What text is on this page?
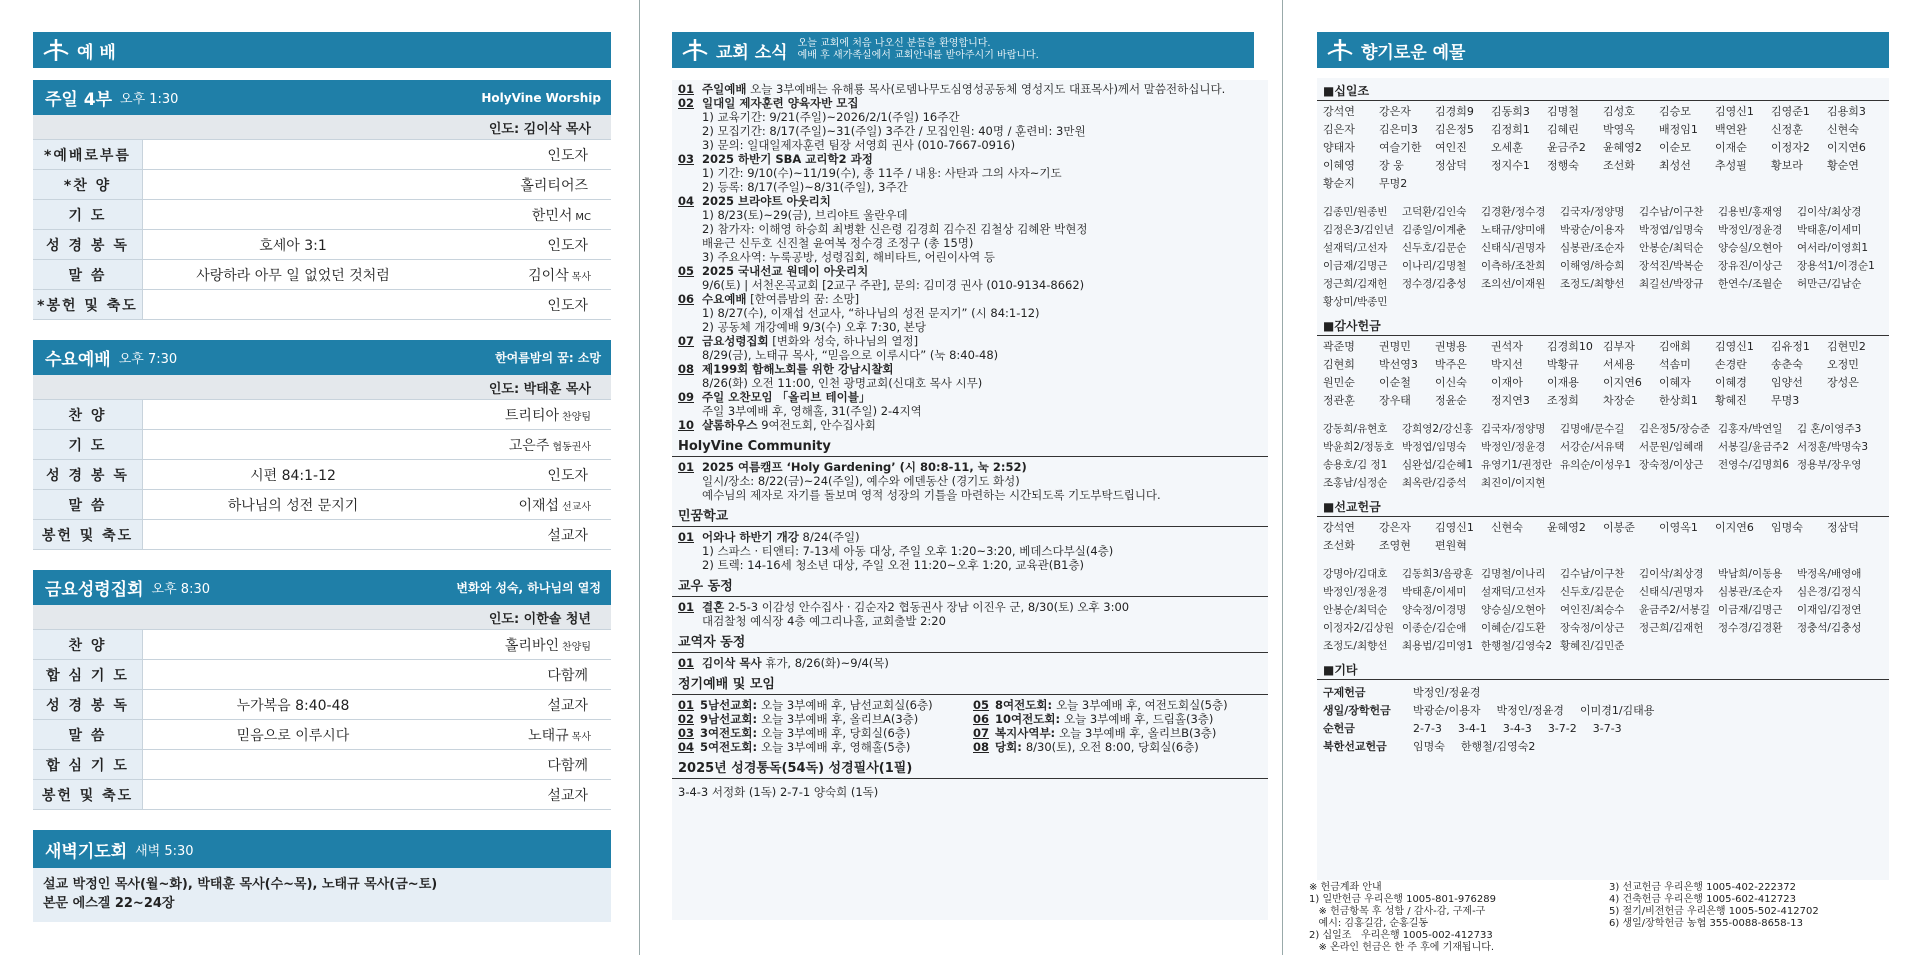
예 배
주일 4부 오후 1:30	HolyVine Worship
인도: 김이삭 목사
*예배로부름	인도자
*찬 양	홀리티어즈
기 도	한민서 MC
성 경 봉 독	호세아 3:1	인도자
말 씀	사랑하라 아무 일 없었던 것처럼	김이삭 목사
*봉헌 및 축도	인도자
수요예배 오후 7:30	한여름밤의 꿈: 소망
인도: 박태훈 목사
찬 양	트리티아 찬양팀
기 도	고은주 협동권사
성 경 봉 독	시편 84:1-12	인도자
말 씀	하나님의 성전 문지기	이재섭 선교사
봉헌 및 축도	설교자
금요성령집회 오후 8:30	변화와 성숙, 하나님의 열정
인도: 이한솔 청년
찬 양	홀리바인 찬양팀
합 심 기 도	다함께
성 경 봉 독	누가복음 8:40-48	설교자
말 씀	믿음으로 이루시다	노태규 목사
합 심 기 도	다함께
봉헌 및 축도	설교자
새벽기도회 새벽 5:30
설교 박정인 목사(월~화), 박태훈 목사(수~목), 노태규 목사(금~토)
본문 에스겔 22~24장
교회 소식 오늘 교회에 처음 나오신 분들을 환영합니다.
예배 후 새가족실에서 교회안내를 받아주시기 바랍니다.
01 주일예배 오늘 3부예배는 유해룡 목사(로뎀나무도심영성공동체 영성지도 대표목사)께서 말씀전하십니다.
02 일대일 제자훈련 양육자반 모집
1) 교육기간: 9/21(주일)~2026/2/1(주일) 16주간
2) 모집기간: 8/17(주일)~31(주일) 3주간 / 모집인원: 40명 / 훈련비: 3만원
3) 문의: 일대일제자훈련 팀장 서영희 권사 (010-7667-0916)
03 2025 하반기 SBA 교리학2 과정
1) 기간: 9/10(수)~11/19(수), 총 11주 / 내용: 사탄과 그의 사자~기도
2) 등록: 8/17(주일)~8/31(주일), 3주간
04 2025 브라야트 아웃리치
1) 8/23(토)~29(금), 브리야트 울란우데
2) 참가자: 이해영 하승희 최병환 신은령 김경희 김수진 김철상 김혜완 박현정
배윤근 신두호 신진철 윤여복 정수경 조정구 (총 15명)
3) 주요사역: 누룩공방, 성령집회, 해비타트, 어린이사역 등
05 2025 국내선교 원데이 아웃리치
9/6(토) | 서천온곡교회 [2교구 주관], 문의: 김미경 권사 (010-9134-8662)
06 수요예배 [한여름밤의 꿈: 소망]
1) 8/27(수), 이재섭 선교사, “하나님의 성전 문지기” (시 84:1-12)
2) 공동체 개강예배 9/3(수) 오후 7:30, 본당
07 금요성령집회 [변화와 성숙, 하나님의 열정]
8/29(금), 노태규 목사, “믿음으로 이루시다” (눅 8:40-48)
08 제199회 함해노회를 위한 강남시찰회
8/26(화) 오전 11:00, 인천 광명교회(신대호 목사 시무)
09 주일 오찬모임 「올리브 테이블」
주일 3부예배 후, 영해홀, 31(주일) 2-4지역
10 샬롬하우스 9여전도회, 안수집사회
HolyVine Community
01 2025 여름캠프 ‘Holy Gardening’ (시 80:8-11, 눅 2:52)
일시/장소: 8/22(금)~24(주일), 예수와 에덴동산 (경기도 화성)
예수님의 제자로 자기를 돌보며 영적 성장의 기틀을 마련하는 시간되도록 기도부탁드립니다.
민꿈학교
01 어와나 하반기 개강 8/24(주일)
1) 스파스 · 티앤티: 7-13세 아동 대상, 주일 오후 1:20~3:20, 베데스다부실(4층)
2) 트렉: 14-16세 청소년 대상, 주일 오전 11:20~오후 1:20, 교육관(B1층)
교우 동정
01 결혼 2-5-3 이감성 안수집사 · 김순자2 협동권사 장남 이진우 군, 8/30(토) 오후 3:00
대검찰청 예식장 4층 예그리나홀, 교회출발 2:20
교역자 동정
01 김이삭 목사 휴가, 8/26(화)~9/4(목)
정기예배 및 모임
01 5남선교회: 오늘 3부예배 후, 남선교회실(6층)
02 9남선교회: 오늘 3부예배 후, 올리브A(3층)
03 3여전도회: 오늘 3부예배 후, 당회실(6층)
04 5여전도회: 오늘 3부예배 후, 영해홀(5층)
05 8여전도회: 오늘 3부예배 후, 여전도회실(5층)
06 10여전도회: 오늘 3부예배 후, 드림홀(3층)
07 복지사역부: 오늘 3부예배 후, 올리브B(3층)
08 당회: 8/30(토), 오전 8:00, 당회실(6층)
2025년 성경통독(54독) 성경필사(1필)
3-4-3 서정화 (1독) 2-7-1 양숙희 (1독)
향기로운 예물
■십일조
강석연	강은자	김경희9	김동희3	김명철	김성호	김승모	김영신1	김영준1	김용희3
김은자	김은미3	김은정5	김정희1	김혜린	박영옥	배정임1	백연완	신정훈	신현숙
양태자	여슬기한	여인진	오세훈	윤금주2	윤혜영2	이순모	이재순	이정자2	이지연6
이혜영	장 웅	정삼덕	정지수1	정행숙	조선화	최성선	추성필	황보라	황순연
황순지	무명2
김종민/원종빈	고덕환/김인숙	김경환/정수경	김국자/정양명	김수남/이구찬	김용빈/홍재영	김이삭/최상경
김정은3/김인년 김종일/이계춘	노태규/양미애	박광순/이용자	박정엽/임명숙	박정인/정윤경	박태훈/이세미
설재덕/고선자	신두호/김문순	신태식/권명자	심봉관/조순자	안봉순/최덕순	양승실/오현아	여서라/이영희1
이금재/김명근	이나리/김명철	이측하/조찬희	이해영/하승희	장석진/박복순	장유진/이상근	장용석1/이경순1
정근희/김재헌	정수경/김충성	조의선/이재원	조정도/최향선	최길선/박장규	한연수/조월순	허만근/김남순
황상미/박종민
■감사헌금
곽준명	권명민	권병용	권석자	김경희10 김부자	김애희	김영신1	김유정1	김현민2
김현희	박선영3	박주은	박지선	박황규	서세용	석솜미	손경란	송춘숙	오정민
원민순	이순철	이신숙	이재아	이재용	이지연6	이혜자	이혜경	임양선	장성은
정관훈	장우태	정윤순	정지연3	조정희	차장순	한상희1	황혜진	무명3
강동희/유현호	강희영2/강신홍 김국자/정양명	김명애/문수길	김은정5/장승준 김홍자/박연일	김 혼/이영주3
박윤희2/정동호 박정엽/임명숙	박정인/정윤경	서강순/서유택	서문원/임혜래	서봉길/윤금주2 서정훈/박명숙3
송용호/김 정1	심완섭/김순혜1 유영기1/권정란 유의순/이성우1 장숙정/이상근	전영수/김명희6 정용부/장우영
조홍남/심정순	최옥란/김중석	최진이/이지현
■선교헌금
강석연	강은자	김영신1	신현숙	윤혜영2	이봉준	이영옥1	이지연6	임명숙	정삼덕
조선화	조영현	편원혁
강명아/김대호	김동희3/음광훈 김명철/이나리	김수남/이구찬	김이삭/최상경	박남희/이동용	박정옥/배영애
박정인/정윤경	박태훈/이세미	설재덕/고선자	신두호/김문순	신태식/권명자	심봉관/조순자	심은경/김정식
안봉순/최덕순	양숙정/이경명	양승실/오현아	여인진/최승수	윤금주2/서봉길 이금재/김명근	이재임/김정연
이정자2/김상원 이종순/김순애	이혜순/김도환	장숙정/이상근	정근희/김재헌	정수경/김경환	정충석/김충성
조정도/최향선	최용범/김미영1 한행철/김영숙2 황혜진/김민준
■기타
구제헌금	박정인/정윤경
생일/장학헌금	박광순/이용자 박정인/정윤경 이미경1/김태용
순헌금	2-7-3 3-4-1 3-4-3 3-7-2 3-7-3
북한선교헌금	임명숙 한행철/김영숙2
※ 헌금계좌 안내
1) 일반헌금 우리은행 1005-801-976289
※ 헌금항목 후 성함 / 감사-감, 구제-구
예시: 김홍길감, 순홍길동
2) 십일조   우리은행 1005-002-412733
※ 온라인 헌금은 한 주 후에 기재됩니다.
3) 선교헌금 우리은행 1005-402-222372
4) 건축헌금 우리은행 1005-602-412723
5) 절기/비전헌금 우리은행 1005-502-412702
6) 생일/장학헌금 농협 355-0088-8658-13
